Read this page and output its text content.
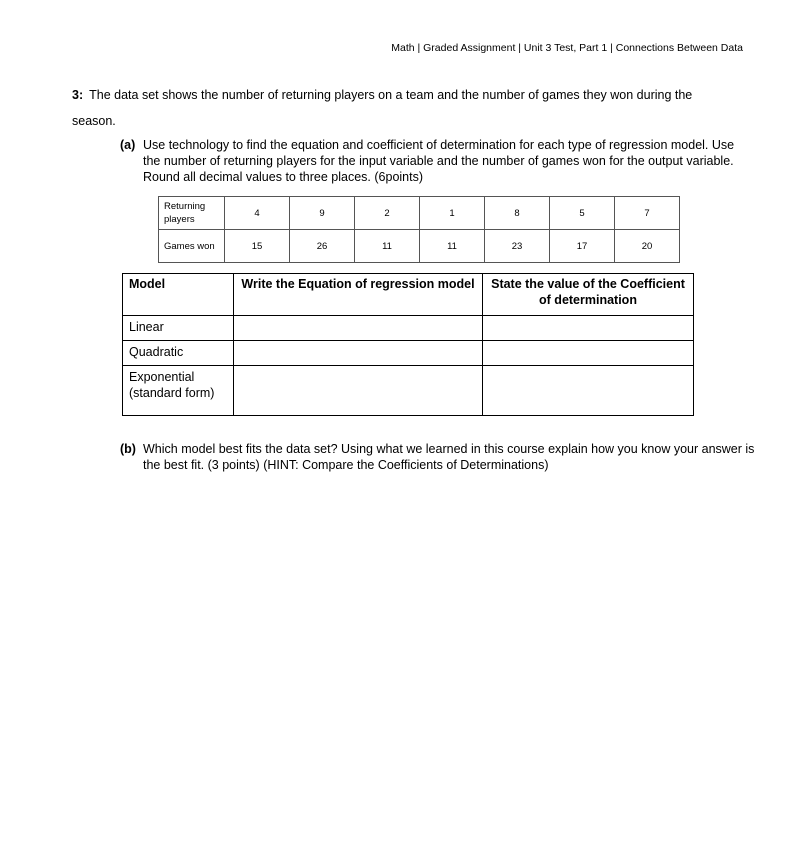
Math | Graded Assignment | Unit 3 Test, Part 1 | Connections Between Data
3: The data set shows the number of returning players on a team and the number of games they won during the
season.
(a) Use technology to find the equation and coefficient of determination for each type of regression model. Use the number of returning players for the input variable and the number of games won for the output variable. Round all decimal values to three places. (6points)
Returning players	4	9	2	1	8	5	7
Games won	15	26	11	11	23	17	20
Model	Write the Equation of regression model	State the value of the Coefficient of determination
Linear		
Quadratic		
Exponential (standard form)		
(b) Which model best fits the data set? Using what we learned in this course explain how you know your answer is the best fit. (3 points) (HINT: Compare the Coefficients of Determinations)
